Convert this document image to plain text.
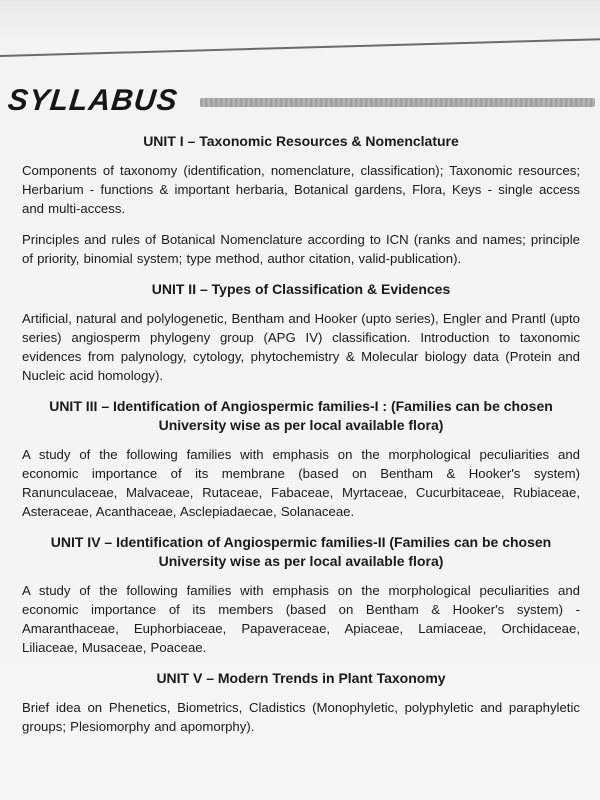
SYLLABUS
UNIT I – Taxonomic Resources & Nomenclature

Components of taxonomy (identification, nomenclature, classification); Taxonomic resources; Herbarium - functions & important herbaria, Botanical gardens, Flora, Keys - single access and multi-access.

Principles and rules of Botanical Nomenclature according to ICN (ranks and names; principle of priority, binomial system; type method, author citation, valid-publication).

UNIT II – Types of Classification & Evidences

Artificial, natural and polylogenetic, Bentham and Hooker (upto series), Engler and Prantl (upto series) angiosperm phylogeny group (APG IV) classification. Introduction to taxonomic evidences from palynology, cytology, phytochemistry & Molecular biology data (Protein and Nucleic acid homology).

UNIT III – Identification of Angiospermic families-I : (Families can be chosen University wise as per local available flora)

A study of the following families with emphasis on the morphological peculiarities and economic importance of its membrane (based on Bentham & Hooker's system) Ranunculaceae, Malvaceae, Rutaceae, Fabaceae, Myrtaceae, Cucurbitaceae, Rubiaceae, Asteraceae, Acanthaceae, Asclepiadaecae, Solanaceae.

UNIT IV – Identification of Angiospermic families-II (Families can be chosen University wise as per local available flora)

A study of the following families with emphasis on the morphological peculiarities and economic importance of its members (based on Bentham & Hooker's system) - Amaranthaceae, Euphorbiaceae, Papaveraceae, Apiaceae, Lamiaceae, Orchidaceae, Liliaceae, Musaceae, Poaceae.

UNIT V – Modern Trends in Plant Taxonomy

Brief idea on Phenetics, Biometrics, Cladistics (Monophyletic, polyphyletic and paraphyletic groups; Plesiomorphy and apomorphy).
